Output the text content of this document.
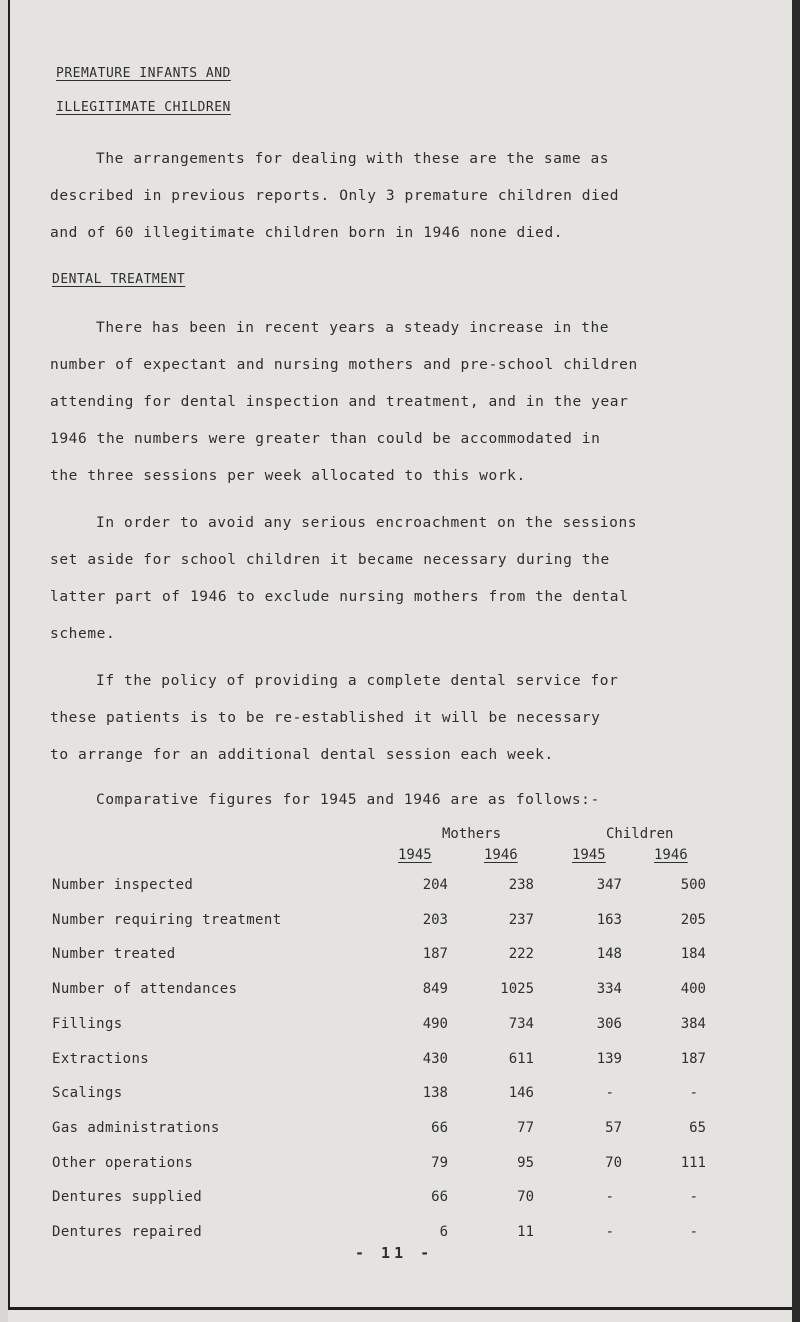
PREMATURE INFANTS AND
ILLEGITIMATE CHILDREN
The arrangements for dealing with these are the same as
described in previous reports. Only 3 premature children died
and of 60 illegitimate children born in 1946 none died.
DENTAL TREATMENT
There has been in recent years a steady increase in the
number of expectant and nursing mothers and pre-school children
attending for dental inspection and treatment, and in the year
1946 the numbers were greater than could be accommodated in
the three sessions per week allocated to this work.
In order to avoid any serious encroachment on the sessions
set aside for school children it became necessary during the
latter part of 1946 to exclude nursing mothers from the dental
scheme.
If the policy of providing a complete dental service for
these patients is to be re-established it will be necessary
to arrange for an additional dental session each week.
Comparative figures for 1945 and 1946 are as follows:-
Mothers	Children
1945	1946	1945	1946
Number inspected	204	238	347	500
Number requiring treatment	203	237	163	205
Number treated	187	222	148	184
Number of attendances	849	1025	334	400
Fillings	490	734	306	384
Extractions	430	611	139	187
Scalings	138	146	-	-
Gas administrations	66	77	57	65
Other operations	79	95	70	111
Dentures supplied	66	70	-	-
Dentures repaired	6	11	-	-
- 11 -
